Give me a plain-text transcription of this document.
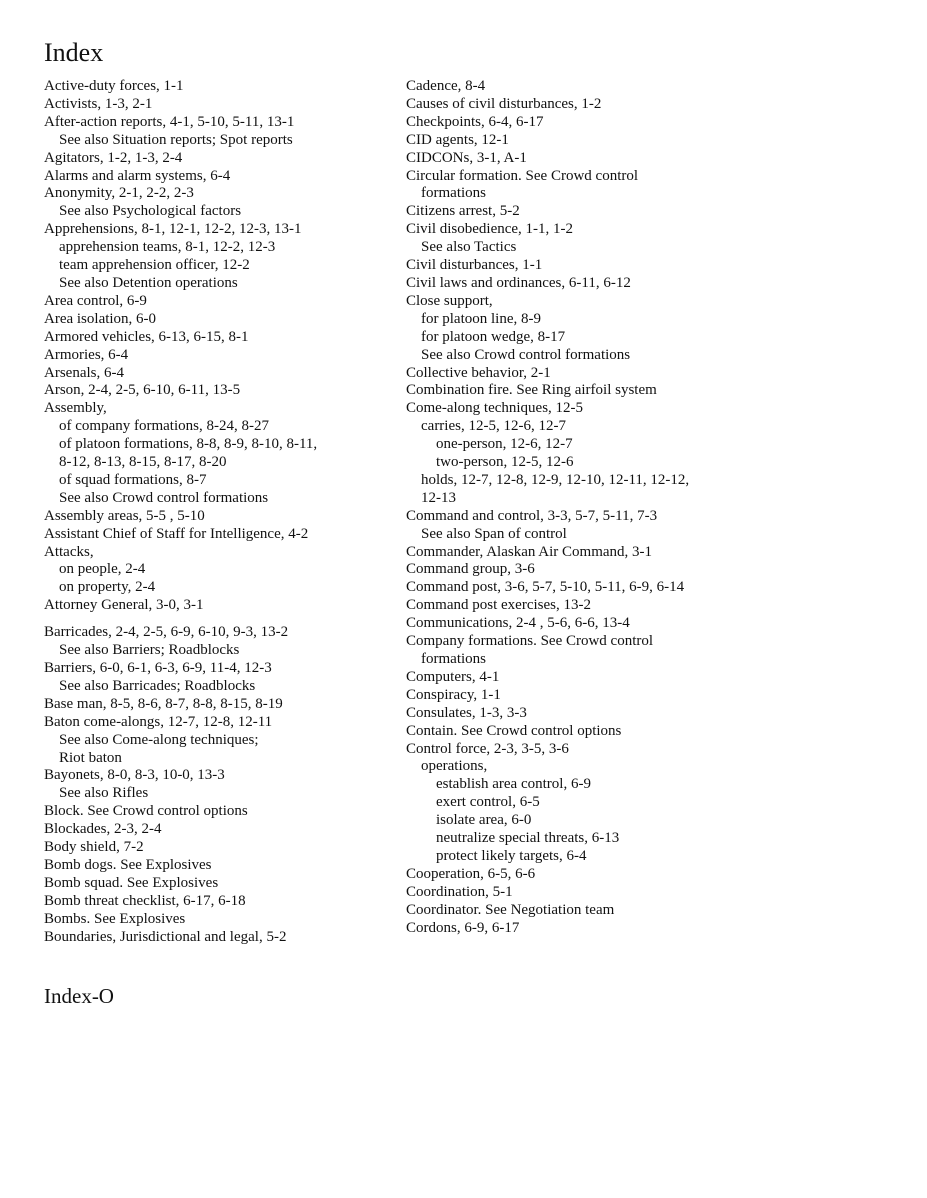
Index
Active-duty forces, 1-1
Activists, 1-3, 2-1
After-action reports, 4-1, 5-10, 5-11, 13-1
See also Situation reports; Spot reports
Agitators, 1-2, 1-3, 2-4
Alarms and alarm systems, 6-4
Anonymity, 2-1, 2-2, 2-3
See also Psychological factors
Apprehensions, 8-1, 12-1, 12-2, 12-3, 13-1
apprehension teams, 8-1, 12-2, 12-3
team apprehension officer, 12-2
See also Detention operations
Area control, 6-9
Area isolation, 6-0
Armored vehicles, 6-13, 6-15, 8-1
Armories, 6-4
Arsenals, 6-4
Arson, 2-4, 2-5, 6-10, 6-11, 13-5
Assembly,
of company formations, 8-24, 8-27
of platoon formations, 8-8, 8-9, 8-10, 8-11,
8-12, 8-13, 8-15, 8-17, 8-20
of squad formations, 8-7
See also Crowd control formations
Assembly areas, 5-5 , 5-10
Assistant Chief of Staff for Intelligence, 4-2
Attacks,
on people, 2-4
on property, 2-4
Attorney General, 3-0, 3-1
Barricades, 2-4, 2-5, 6-9, 6-10, 9-3, 13-2
See also Barriers; Roadblocks
Barriers, 6-0, 6-1, 6-3, 6-9, 11-4, 12-3
See also Barricades; Roadblocks
Base man, 8-5, 8-6, 8-7, 8-8, 8-15, 8-19
Baton come-alongs, 12-7, 12-8, 12-11
See also Come-along techniques;
Riot baton
Bayonets, 8-0, 8-3, 10-0, 13-3
See also Rifles
Block. See Crowd control options
Blockades, 2-3, 2-4
Body shield, 7-2
Bomb dogs. See Explosives
Bomb squad. See Explosives
Bomb threat checklist, 6-17, 6-18
Bombs. See Explosives
Boundaries, Jurisdictional and legal, 5-2
Cadence, 8-4
Causes of civil disturbances, 1-2
Checkpoints, 6-4, 6-17
CID agents, 12-1
CIDCONs, 3-1, A-1
Circular formation. See Crowd control
formations
Citizens arrest, 5-2
Civil disobedience, 1-1, 1-2
See also Tactics
Civil disturbances, 1-1
Civil laws and ordinances, 6-11, 6-12
Close support,
for platoon line, 8-9
for platoon wedge, 8-17
See also Crowd control formations
Collective behavior, 2-1
Combination fire. See Ring airfoil system
Come-along techniques, 12-5
carries, 12-5, 12-6, 12-7
one-person, 12-6, 12-7
two-person, 12-5, 12-6
holds, 12-7, 12-8, 12-9, 12-10, 12-11, 12-12,
12-13
Command and control, 3-3, 5-7, 5-11, 7-3
See also Span of control
Commander, Alaskan Air Command, 3-1
Command group, 3-6
Command post, 3-6, 5-7, 5-10, 5-11, 6-9, 6-14
Command post exercises, 13-2
Communications, 2-4 , 5-6, 6-6, 13-4
Company formations. See Crowd control
formations
Computers, 4-1
Conspiracy, 1-1
Consulates, 1-3, 3-3
Contain. See Crowd control options
Control force, 2-3, 3-5, 3-6
operations,
establish area control, 6-9
exert control, 6-5
isolate area, 6-0
neutralize special threats, 6-13
protect likely targets, 6-4
Cooperation, 6-5, 6-6
Coordination, 5-1
Coordinator. See Negotiation team
Cordons, 6-9, 6-17

Index-O
